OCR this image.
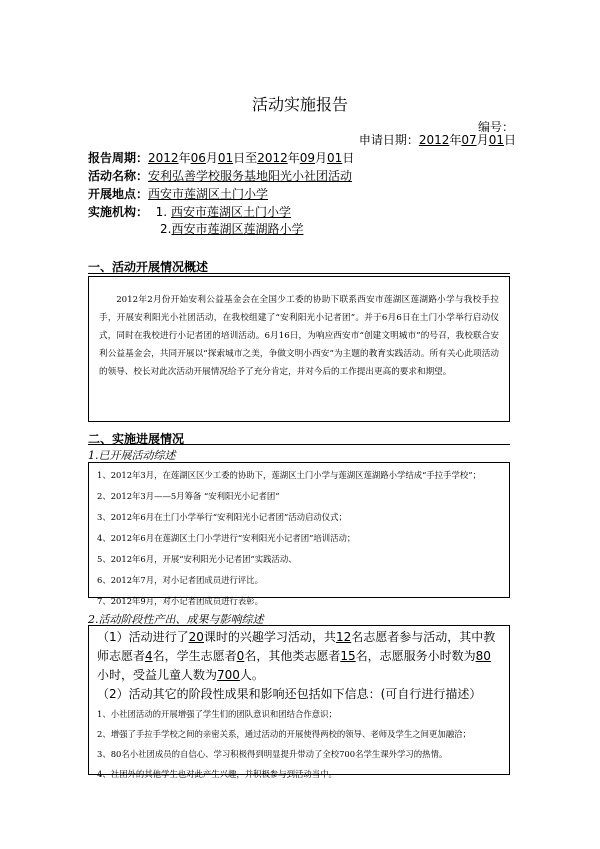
活动实施报告
编号：
申请日期：2012年07月01日
报告周期：2012年06月01日至2012年09月01日
活动名称：安利弘善学校服务基地阳光小社团活动
开展地点：西安市莲湖区土门小学
实施机构： 1. 西安市莲湖区土门小学
2.西安市莲湖区莲湖路小学
一、活动开展情况概述
2012年2月份开始安利公益基金会在全国少工委的协助下联系西安市莲湖区莲湖路小学与我校手拉手，开展安利阳光小社团活动，在我校组建了“安利阳光小记者团”。并于6月6日在土门小学举行启动仪式，同时在我校进行小记者团的培训活动。6月16日，为响应西安市“创建文明城市”的号召，我校联合安利公益基金会，共同开展以“探索城市之美，争做文明小西安”为主题的教育实践活动。所有关心此项活动的领导、校长对此次活动开展情况给予了充分肯定，并对今后的工作提出更高的要求和期望。
二、实施进展情况
1.已开展活动综述
1、2012年3月，在莲湖区区少工委的协助下，莲湖区土门小学与莲湖区莲湖路小学结成“手拉手学校”；
2、2012年3月——5月筹备 “安利阳光小记者团”
3、2012年6月在土门小学举行“安利阳光小记者团”活动启动仪式；
4、2012年6月在莲湖区土门小学进行“安利阳光小记者团”培训活动；
5、2012年6月，开展“安利阳光小记者团”实践活动、
6、2012年7月，对小记者团成员进行评比。
7、2012年9月，对小记者团成员进行表彰。
2.活动阶段性产出、成果与影响综述
（1）活动进行了20课时的兴趣学习活动，共12名志愿者参与活动，其中教师志愿者4名，学生志愿者0名，其他类志愿者15名，志愿服务小时数为80小时，受益儿童人数为700人。
（2）活动其它的阶段性成果和影响还包括如下信息：(可自行进行描述）
1、小社团活动的开展增强了学生们的团队意识和团结合作意识；
2、增强了手拉手学校之间的亲密关系，通过活动的开展使得两校的领导、老师及学生之间更加融洽；
3、80名小社团成员的自信心、学习积极得到明显提升带动了全校700名学生课外学习的热情。
4、社团外的其他学生也对此产生兴趣，并积极参与到活动当中。
